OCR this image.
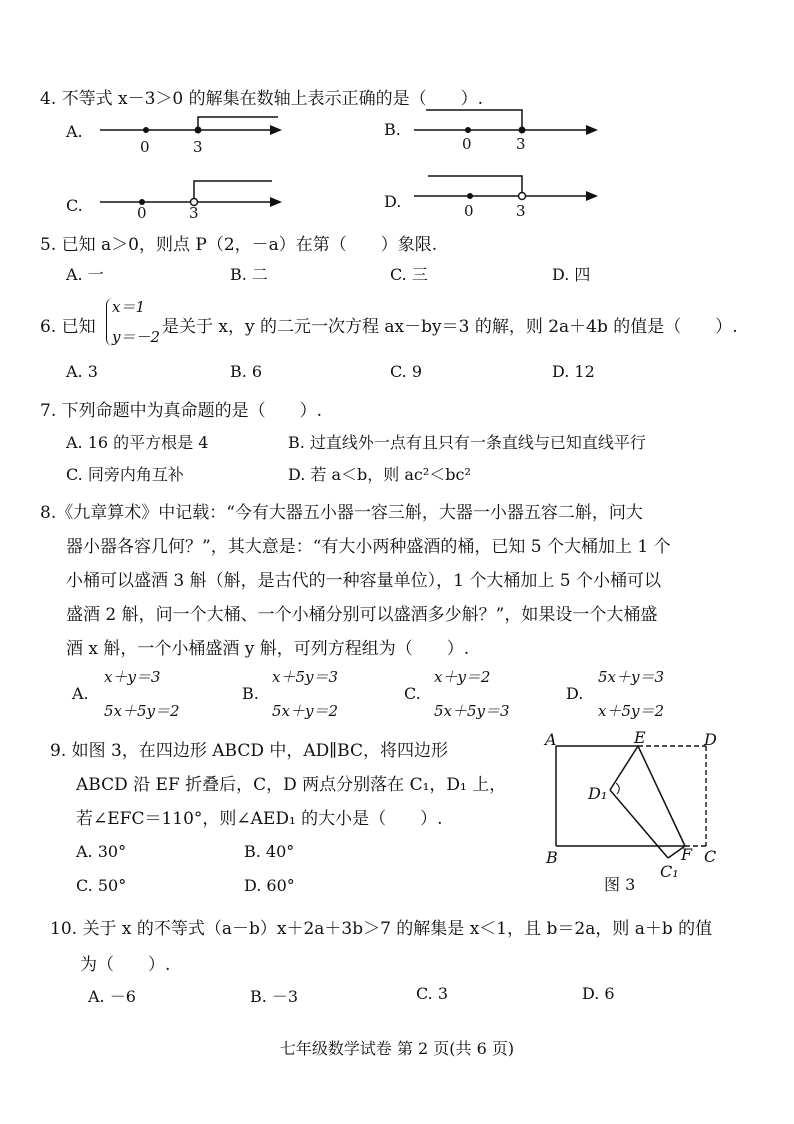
4. 不等式 x－3＞0 的解集在数轴上表示正确的是（　　）.
A.
0	3
B.
0	3
C.	0	3
D.	0	3
5. 已知 a＞0，则点 P（2，－a）在第（　　）象限.
A. 一	B. 二	C. 三	D. 四
6. 已知
x＝1
y＝－2 是关于 x，y 的二元一次方程 ax－by＝3 的解，则 2a＋4b 的值是（　　）.
A. 3	B. 6	C. 9	D. 12
7. 下列命题中为真命题的是（　　）.
A. 16 的平方根是 4	B. 过直线外一点有且只有一条直线与已知直线平行
C. 同旁内角互补	D. 若 a＜b，则 ac²＜bc²
8.《九章算术》中记载：“今有大器五小器一容三斛，大器一小器五容二斛，问大
器小器各容几何？”，其大意是：“有大小两种盛酒的桶，已知 5 个大桶加上 1 个
小桶可以盛酒 3 斛（斛，是古代的一种容量单位），1 个大桶加上 5 个小桶可以
盛酒 2 斛，问一个大桶、一个小桶分别可以盛酒多少斛？”，如果设一个大桶盛
酒 x 斛，一个小桶盛酒 y 斛，可列方程组为（　　）.
A.
x＋y＝3
5x＋5y＝2
B.
x＋5y＝3
5x＋y＝2
C.
x＋y＝2
5x＋5y＝3
D.
5x＋y＝3
x＋5y＝2
9. 如图 3，在四边形 ABCD 中，AD∥BC，将四边形
ABCD 沿 EF 折叠后，C，D 两点分别落在 C₁，D₁ 上，
若∠EFC＝110°，则∠AED₁ 的大小是（　　）.
A. 30°	B. 40°
C. 50°	D. 60°
A	E	D
D₁
B	F C
C₁
图 3
10. 关于 x 的不等式（a－b）x＋2a＋3b＞7 的解集是 x＜1，且 b＝2a，则 a＋b 的值
为（　　）.
A. －6	B. －3	C. 3	D. 6
七年级数学试卷 第 2 页(共 6 页)
